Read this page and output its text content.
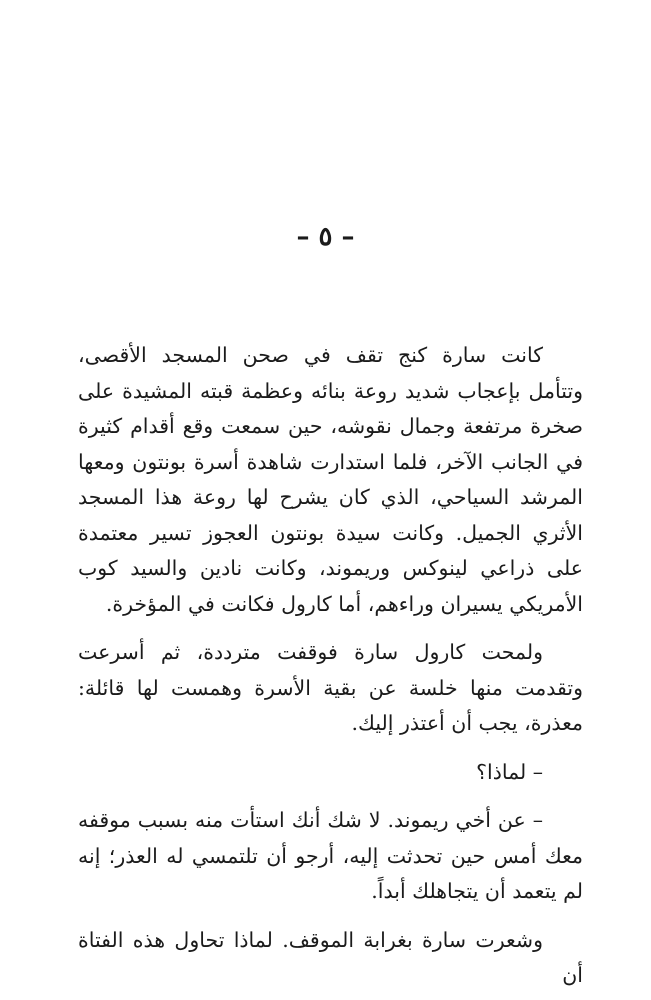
– ٥ –

كانت سارة كنج تقف في صحن المسجد الأقصى، وتتأمل بإعجاب شديد روعة بنائه وعظمة قبته المشيدة على صخرة مرتفعة وجمال نقوشه، حين سمعت وقع أقدام كثيرة في الجانب الآخر، فلما استدارت شاهدة أسرة بونتون ومعها المرشد السياحي، الذي كان يشرح لها روعة هذا المسجد الأثري الجميل. وكانت سيدة بونتون العجوز تسير معتمدة على ذراعي لينوكس وريموند، وكانت نادين والسيد كوب الأمريكي يسيران وراءهم، أما كارول فكانت في المؤخرة.

ولمحت كارول سارة فوقفت مترددة، ثم أسرعت وتقدمت منها خلسة عن بقية الأسرة وهمست لها قائلة: معذرة، يجب أن أعتذر إليك.

– لماذا؟

– عن أخي ريموند. لا شك أنك استأت منه بسبب موقفه معك أمس حين تحدثت إليه، أرجو أن تلتمسي له العذر؛ إنه لم يتعمد أن يتجاهلك أبداً.

وشعرت سارة بغرابة الموقف. لماذا تحاول هذه الفتاة أن
